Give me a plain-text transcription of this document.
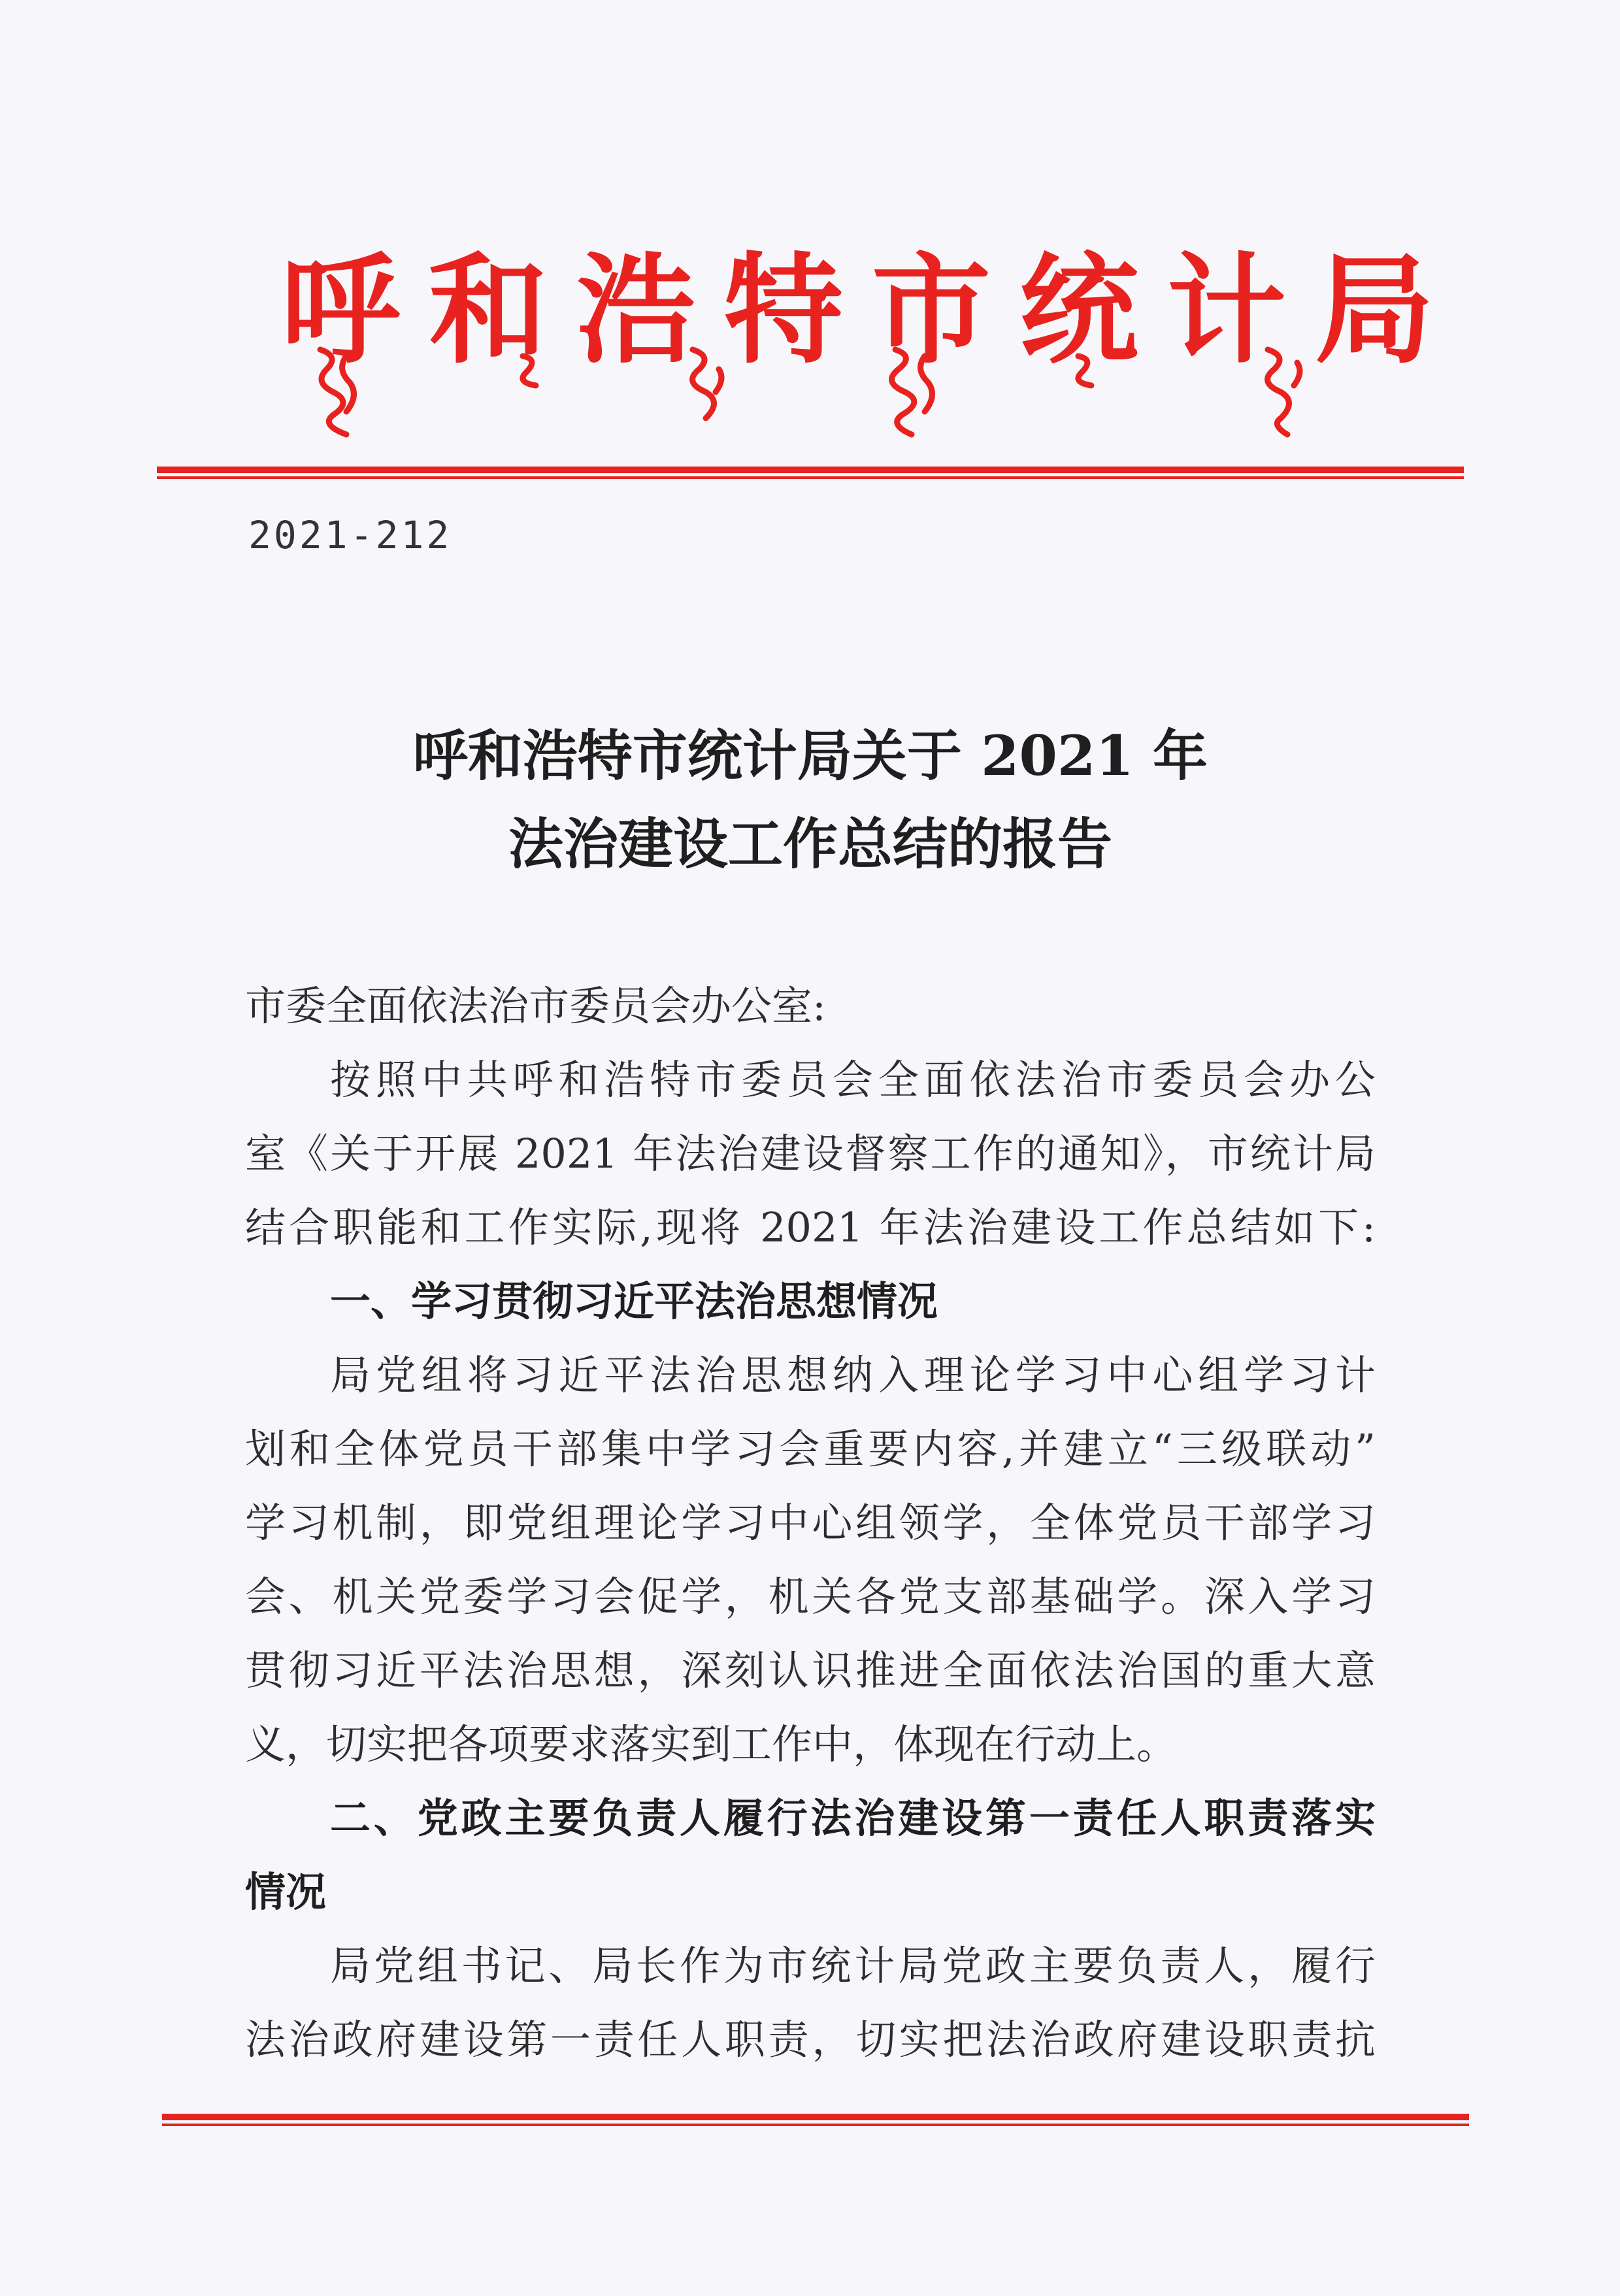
呼和浩特市统计局
2021-212
呼和浩特市统计局关于 2021 年
法治建设工作总结的报告
市委全面依法治市委员会办公室:
按照中共呼和浩特市委员会全面依法治市委员会办公
室《关于开展 2021 年法治建设督察工作的通知》，市统计局
结合职能和工作实际,现将 2021 年法治建设工作总结如下:
一、学习贯彻习近平法治思想情况
局党组将习近平法治思想纳入理论学习中心组学习计
划和全体党员干部集中学习会重要内容,并建立“三级联动”
学习机制，即党组理论学习中心组领学，全体党员干部学习
会、机关党委学习会促学，机关各党支部基础学。深入学习
贯彻习近平法治思想，深刻认识推进全面依法治国的重大意
义，切实把各项要求落实到工作中，体现在行动上。
二、党政主要负责人履行法治建设第一责任人职责落实
情况
局党组书记、局长作为市统计局党政主要负责人，履行
法治政府建设第一责任人职责，切实把法治政府建设职责抗
